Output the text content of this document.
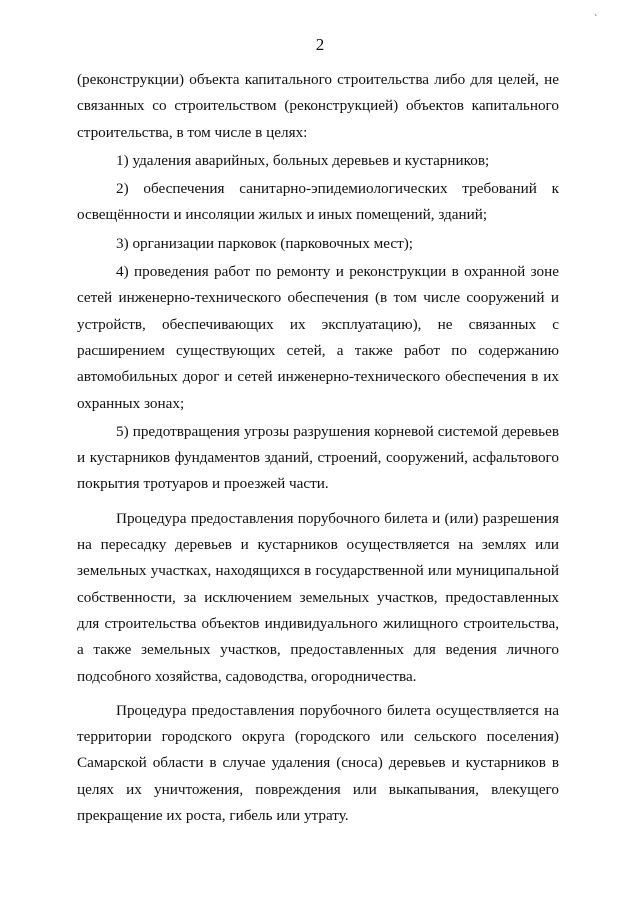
`
2

(реконструкции) объекта капитального строительства либо для целей, не связанных со строительством (реконструкцией) объектов капитального строительства, в том числе в целях:

1) удаления аварийных, больных деревьев и кустарников;

2) обеспечения санитарно-эпидемиологических требований к освещённости и инсоляции жилых и иных помещений, зданий;

3) организации парковок (парковочных мест);

4) проведения работ по ремонту и реконструкции в охранной зоне сетей инженерно-технического обеспечения (в том числе сооружений и устройств, обеспечивающих их эксплуатацию), не связанных с расширением существующих сетей, а также работ по содержанию автомобильных дорог и сетей инженерно-технического обеспечения в их охранных зонах;

5) предотвращения угрозы разрушения корневой системой деревьев и кустарников фундаментов зданий, строений, сооружений, асфальтового покрытия тротуаров и проезжей части.

Процедура предоставления порубочного билета и (или) разрешения на пересадку деревьев и кустарников осуществляется на землях или земельных участках, находящихся в государственной или муниципальной собственности, за исключением земельных участков, предоставленных для строительства объектов индивидуального жилищного строительства, а также земельных участков, предоставленных для ведения личного подсобного хозяйства, садоводства, огородничества.

Процедура предоставления порубочного билета осуществляется на территории городского округа (городского или сельского поселения) Самарской области в случае удаления (сноса) деревьев и кустарников в целях их уничтожения, повреждения или выкапывания, влекущего прекращение их роста, гибель или утрату.
